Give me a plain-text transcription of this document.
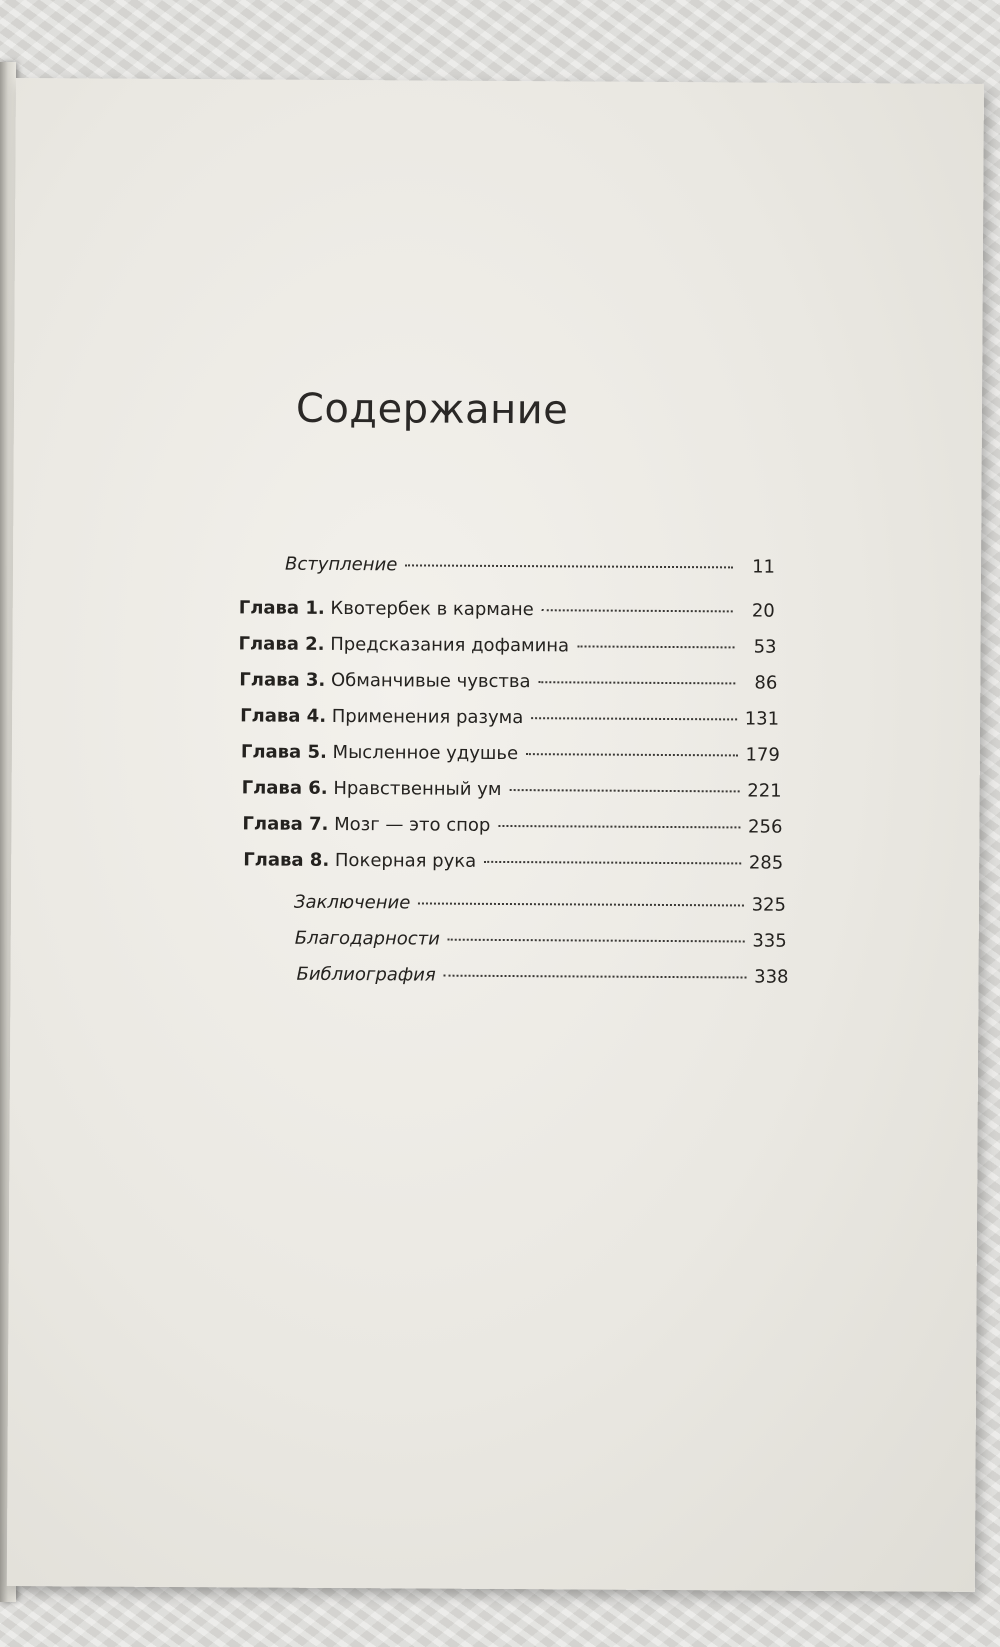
Содержание
Вступление	11
Глава 1. Квотербек в кармане	20
Глава 2. Предсказания дофамина	53
Глава 3. Обманчивые чувства	86
Глава 4. Применения разума	131
Глава 5. Мысленное удушье	179
Глава 6. Нравственный ум	221
Глава 7. Мозг — это спор	256
Глава 8. Покерная рука	285
Заключение	325
Благодарности	335
Библиография	338
